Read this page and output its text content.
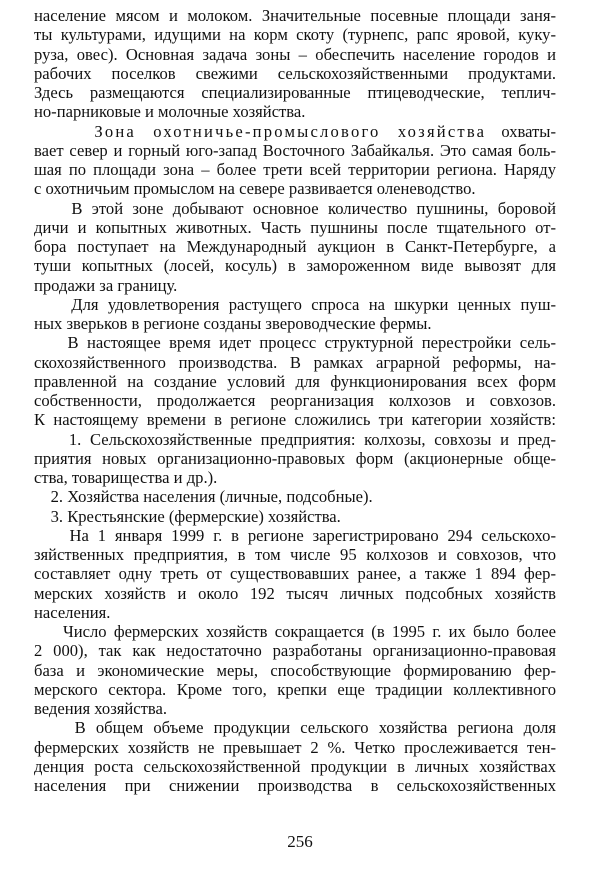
население мясом и молоком. Значительные посевные площади заня-
ты культурами, идущими на корм скоту (турнепс, рапс яровой, куку-
руза, овес). Основная задача зоны – обеспечить население городов и
рабочих поселков свежими сельскохозяйственными продуктами.
Здесь размещаются специализированные птицеводческие, теплич-
но-парниковые и молочные хозяйства.
Зона охотничье-промыслового хозяйства охваты-
вает север и горный юго-запад Восточного Забайкалья. Это самая боль-
шая по площади зона – более трети всей территории региона. Наряду
с охотничьим промыслом на севере развивается оленеводство.
В этой зоне добывают основное количество пушнины, боровой
дичи и копытных животных. Часть пушнины после тщательного от-
бора поступает на Международный аукцион в Санкт-Петербурге, а
туши копытных (лосей, косуль) в замороженном виде вывозят для
продажи за границу.
Для удовлетворения растущего спроса на шкурки ценных пуш-
ных зверьков в регионе созданы звероводческие фермы.
В настоящее время идет процесс структурной перестройки сель-
скохозяйственного производства. В рамках аграрной реформы, на-
правленной на создание условий для функционирования всех форм
собственности, продолжается реорганизация колхозов и совхозов.
К настоящему времени в регионе сложились три категории хозяйств:
1. Сельскохозяйственные предприятия: колхозы, совхозы и пред-
приятия новых организационно-правовых форм (акционерные обще-
ства, товарищества и др.).
2. Хозяйства населения (личные, подсобные).
3. Крестьянские (фермерские) хозяйства.
На 1 января 1999 г. в регионе зарегистрировано 294 сельскохо-
зяйственных предприятия, в том числе 95 колхозов и совхозов, что
составляет одну треть от существовавших ранее, а также 1 894 фер-
мерских хозяйств и около 192 тысяч личных подсобных хозяйств
населения.
Число фермерских хозяйств сокращается (в 1995 г. их было более
2 000), так как недостаточно разработаны организационно-правовая
база и экономические меры, способствующие формированию фер-
мерского сектора. Кроме того, крепки еще традиции коллективного
ведения хозяйства.
В общем объеме продукции сельского хозяйства региона доля
фермерских хозяйств не превышает 2 %. Четко прослеживается тен-
денция роста сельскохозяйственной продукции в личных хозяйствах
населения при снижении производства в сельскохозяйственных
256
